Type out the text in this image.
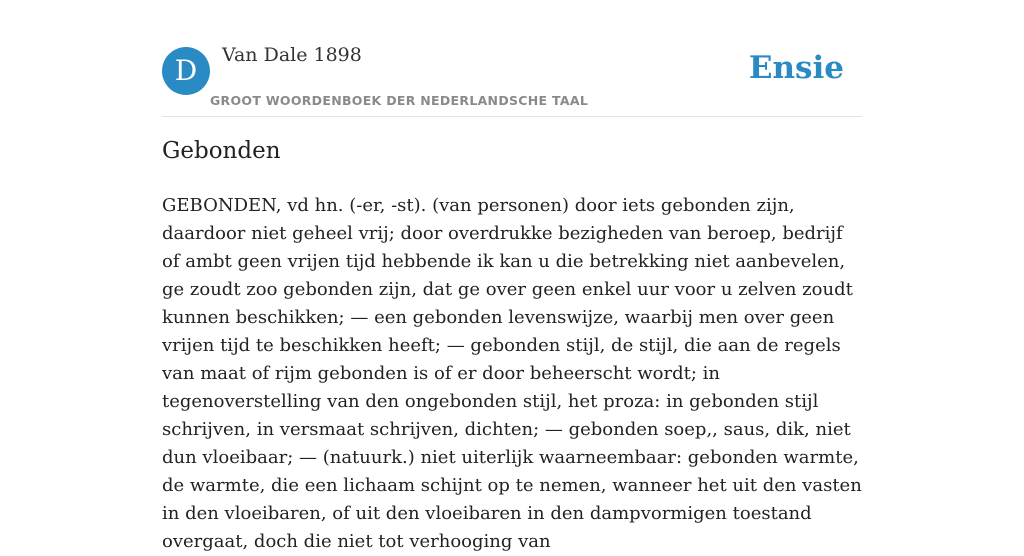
D	Van Dale 1898
GROOT WOORDENBOEK DER NEDERLANDSCHE TAAL
Ensie
Gebonden

GEBONDEN, vd hn. (-er, -st). (van personen) door iets gebonden zijn, daardoor niet geheel vrij; door overdrukke bezigheden van beroep, bedrijf of ambt geen vrijen tijd hebbende ik kan u die betrekking niet aanbevelen, ge zoudt zoo gebonden zijn, dat ge over geen enkel uur voor u zelven zoudt kunnen beschikken; — een gebonden levenswijze, waarbij men over geen vrijen tijd te beschikken heeft; — gebonden stijl, de stijl, die aan de regels van maat of rijm gebonden is of er door beheerscht wordt; in tegenoverstelling van den ongebonden stijl, het proza: in gebonden stijl schrijven, in versmaat schrijven, dichten; — gebonden soep,, saus, dik, niet dun vloeibaar; — (natuurk.) niet uiterlijk waarneembaar: gebonden warmte, de warmte, die een lichaam schijnt op te nemen, wanneer het uit den vasten in den vloeibaren, of uit den vloeibaren in den dampvormigen toestand overgaat, doch die niet tot verhooging van
